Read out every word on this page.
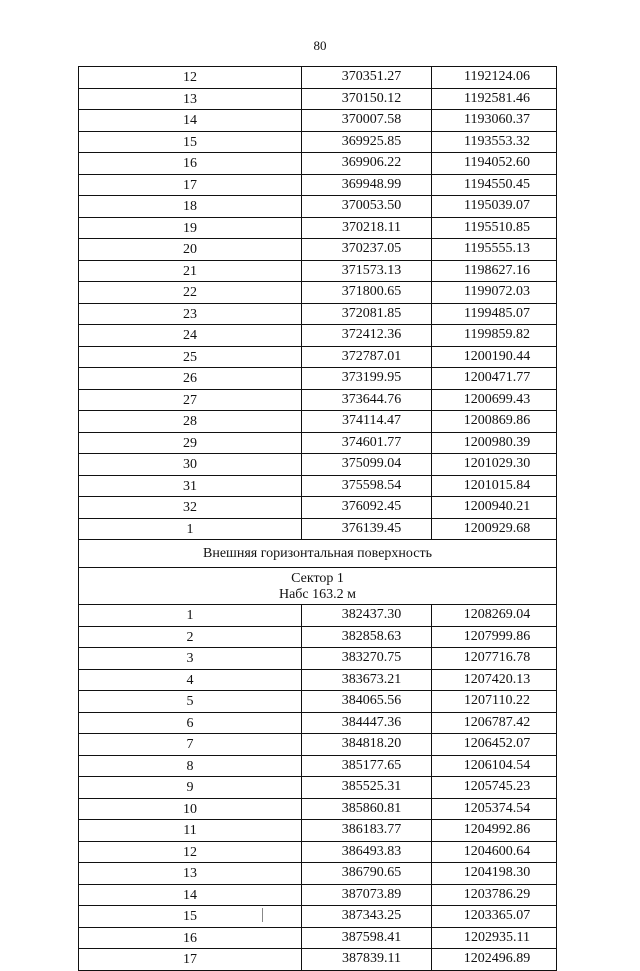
80
12	370351.27	1192124.06
13	370150.12	1192581.46
14	370007.58	1193060.37
15	369925.85	1193553.32
16	369906.22	1194052.60
17	369948.99	1194550.45
18	370053.50	1195039.07
19	370218.11	1195510.85
20	370237.05	1195555.13
21	371573.13	1198627.16
22	371800.65	1199072.03
23	372081.85	1199485.07
24	372412.36	1199859.82
25	372787.01	1200190.44
26	373199.95	1200471.77
27	373644.76	1200699.43
28	374114.47	1200869.86
29	374601.77	1200980.39
30	375099.04	1201029.30
31	375598.54	1201015.84
32	376092.45	1200940.21
1	376139.45	1200929.68
Внешняя горизонтальная поверхность		

Сектор 1
Набс 163.2 м		

1	382437.30	1208269.04
2	382858.63	1207999.86
3	383270.75	1207716.78
4	383673.21	1207420.13
5	384065.56	1207110.22
6	384447.36	1206787.42
7	384818.20	1206452.07
8	385177.65	1206104.54
9	385525.31	1205745.23
10	385860.81	1205374.54
11	386183.77	1204992.86
12	386493.83	1204600.64
13	386790.65	1204198.30
14	387073.89	1203786.29
15	387343.25	1203365.07
16	387598.41	1202935.11
17	387839.11	1202496.89
